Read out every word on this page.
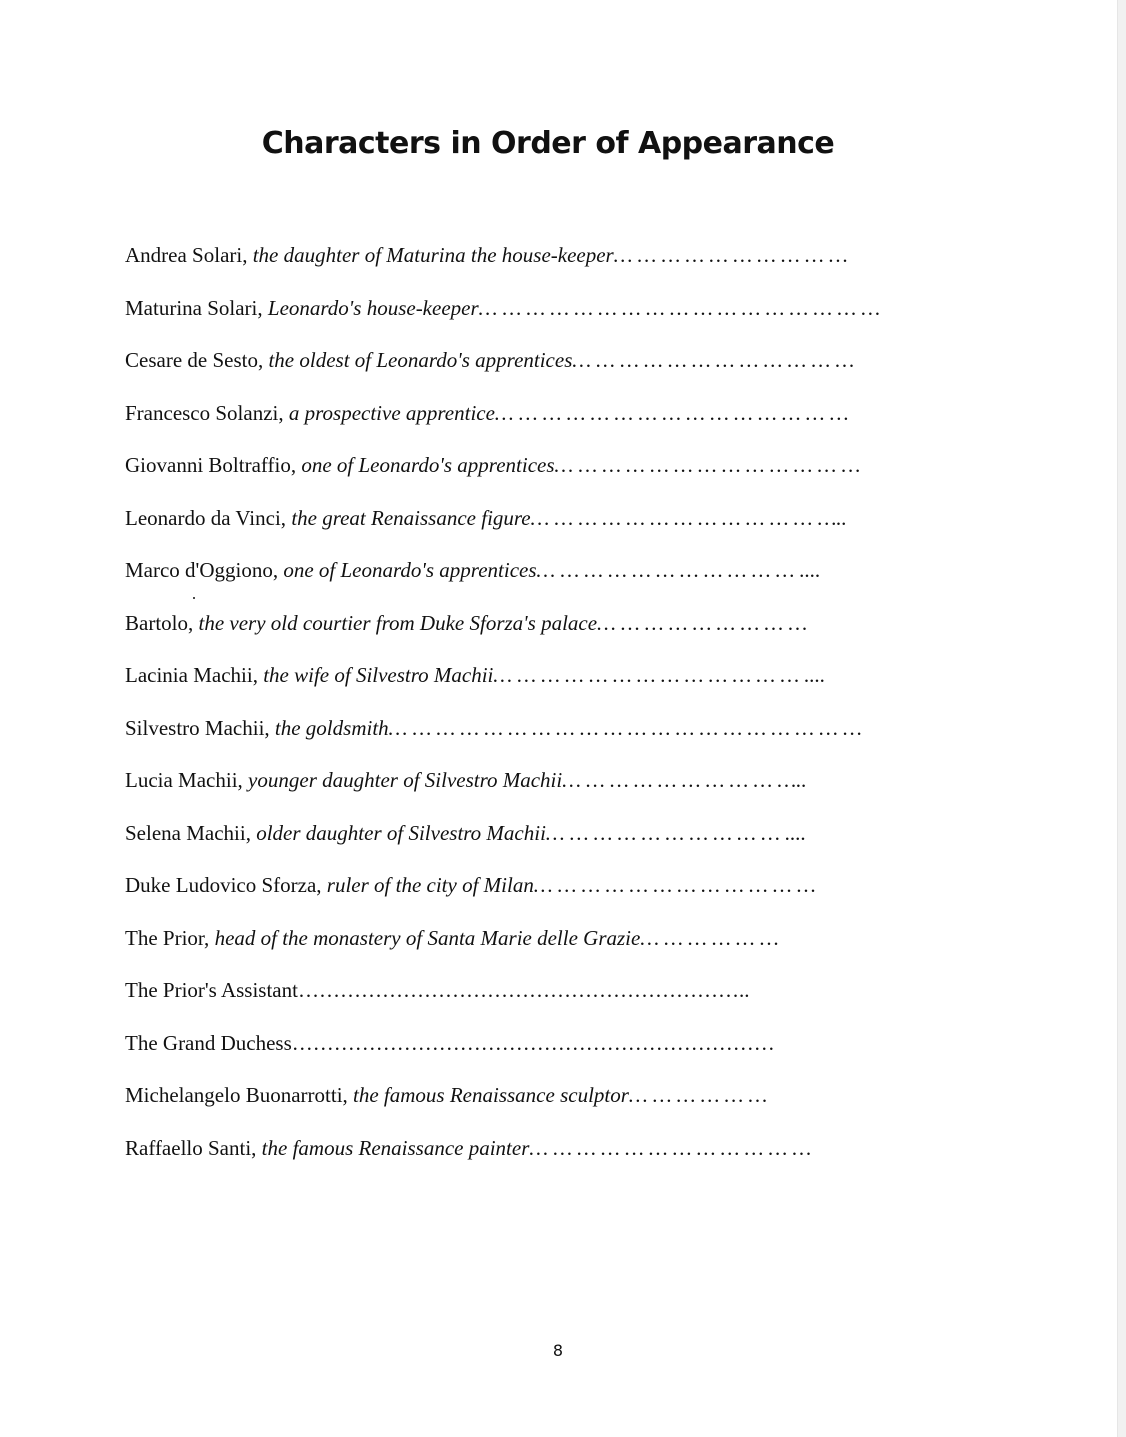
Characters in Order of Appearance
Andrea Solari, the daughter of Maturina the house-keeper… … … … … … … … … …
Maturina Solari, Leonardo's house-keeper… … … … … … … … … … … … … … … … …
Cesare de Sesto, the oldest of Leonardo's apprentices… … … … … … … … … … … …
Francesco Solanzi, a prospective apprentice… … … … … … … … … … … … … … …
Giovanni Boltraffio, one of Leonardo's apprentices… … … … … … … … … … … … …
Leonardo da Vinci, the great Renaissance figure… … … … … … … … … … … … …..
Marco d'Oggiono, one of Leonardo's apprentices… … … … … … … … … … … ....
Bartolo, the very old courtier from Duke Sforza's palace… … … … … … … … …
Lacinia Machii, the wife of Silvestro Machii… … … … … … … … … … … … … ....
Silvestro Machii, the goldsmith… … … … … … … … … … … … … … … … … … … …
Lucia Machii, younger daughter of Silvestro Machii… … … … … … … … … …..
Selena Machii, older daughter of Silvestro Machii… … … … … … … … … … ....
Duke Ludovico Sforza, ruler of the city of Milan… … … … … … … … … … … …
The Prior, head of the monastery of Santa Marie delle Grazie… … … … … …
The Prior's Assistant………………………………………………………..
The Grand Duchess……………………………………………………………
Michelangelo Buonarrotti, the famous Renaissance sculptor… … … … … …
Raffaello Santi, the famous Renaissance painter… … … … … … … … … … … …
8
